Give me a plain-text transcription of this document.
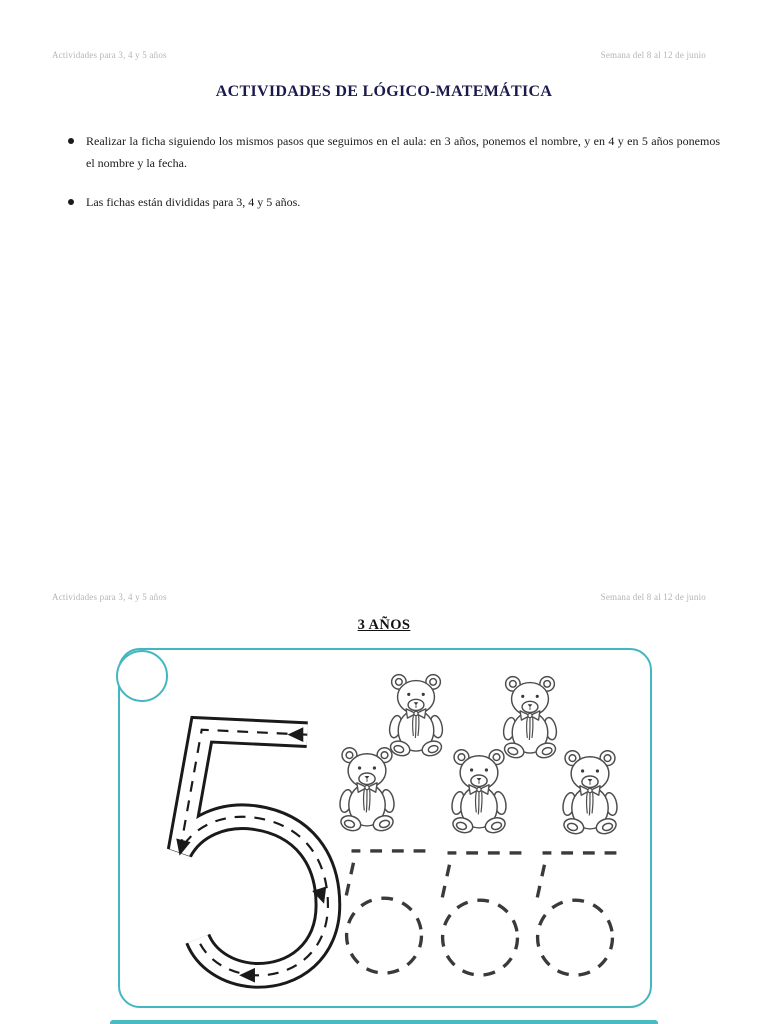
Actividades para 3, 4 y 5 años	Semana del 8 al 12 de junio
ACTIVIDADES DE LÓGICO-MATEMÁTICA
Realizar la ficha siguiendo los mismos pasos que seguimos en el aula: en 3 años, ponemos el nombre, y en 4 y en 5 años ponemos el nombre y la fecha.
Las fichas están divididas para 3, 4 y 5 años.
Actividades para 3, 4 y 5 años	Semana del 8 al 12 de junio
3 AÑOS
